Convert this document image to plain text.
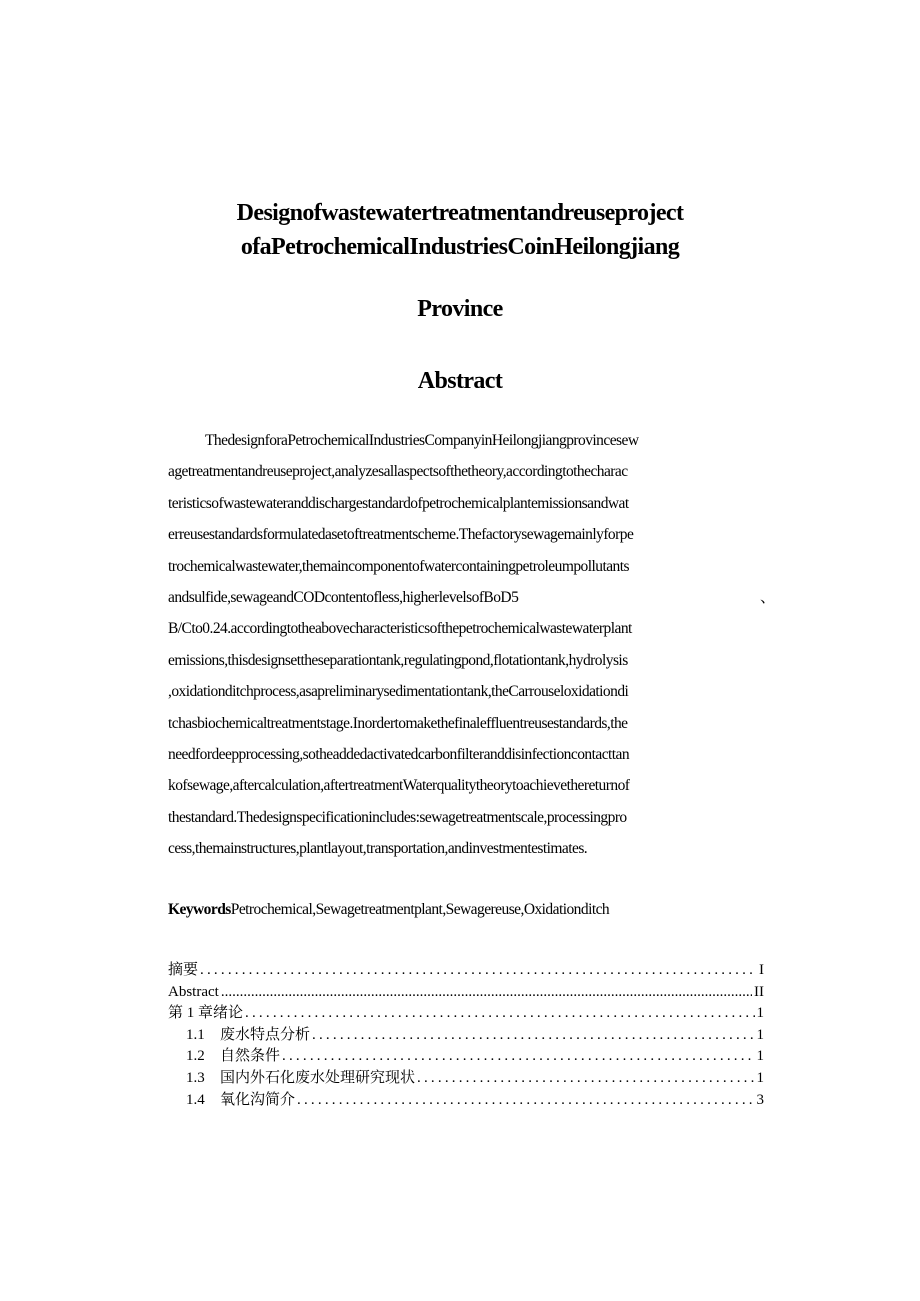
Designofwastewatertreatmentandreuseproject
ofaPetrochemicalIndustriesCoinHeilongjiang
Province
Abstract
ThedesignforaPetrochemicalIndustriesCompanyinHeilongjiangprovincesew
agetreatmentandreuseproject,analyzesallaspectsofthetheory,accordingtothecharac
teristicsofwastewateranddischargestandardofpetrochemicalplantemissionsandwat
erreusestandardsformulatedasetoftreatmentscheme.Thefactorysewagemainlyforpe
trochemicalwastewater,themaincomponentofwatercontainingpetroleumpollutants
andsulfide,sewageandCODcontentofless,higherlevelsofBoD5	、
B/Cto0.24.accordingtotheabovecharacteristicsofthepetrochemicalwastewaterplant
emissions,thisdesignsettheseparationtank,regulatingpond,flotationtank,hydrolysis
,oxidationditchprocess,asapreliminarysedimentationtank,theCarrouseloxidationdi
tchasbiochemicaltreatmentstage.Inordertomakethefinaleffluentreusestandards,the
needfordeepprocessing,sotheaddedactivatedcarbonfilteranddisinfectioncontacttan
kofsewage,aftercalculation,aftertreatmentWaterqualitytheorytoachievethereturnof
thestandard.Thedesignspecificationincludes:sewagetreatmentscale,processingpro
cess,themainstructures,plantlayout,transportation,andinvestmentestimates.
KeywordsPetrochemical,Sewagetreatmentplant,Sewagereuse,Oxidationditch
摘要 .....	I
Abstract .....	II
第 1 章绪论 .....	1
1.1	废水特点分析 .....	1
1.2	自然条件 .....	1
1.3	国内外石化废水处理研究现状 .....	1
1.4	氧化沟简介 .....	3
